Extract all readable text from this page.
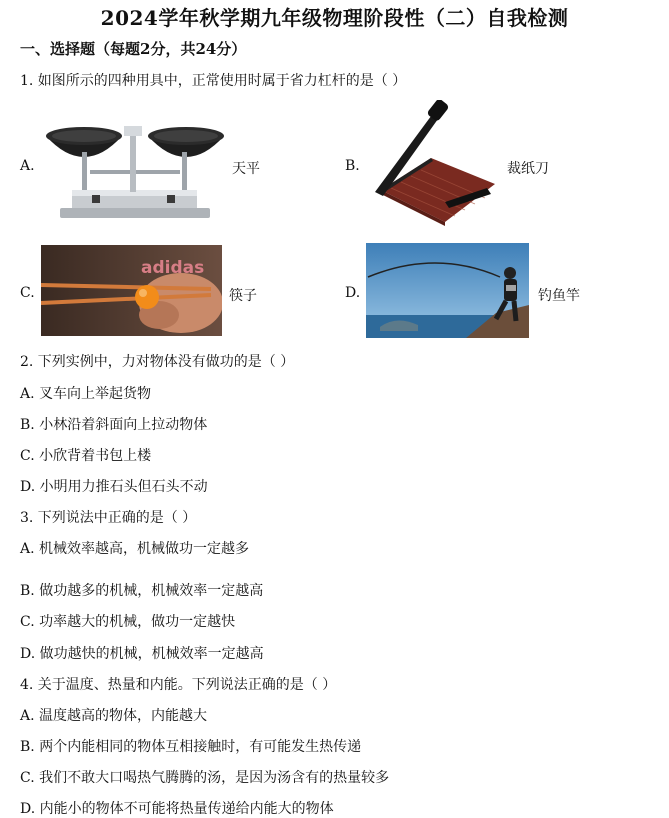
2024学年秋学期九年级物理阶段性（二）自我检测
一、选择题（每题2分，共24分）
1. 如图所示的四种用具中，正常使用时属于省力杠杆的是（ ）
A.	天平	B.	裁纸刀
C.
adidas
筷子	D.	钓鱼竿
2. 下列实例中，力对物体没有做功的是（ ）
A. 叉车向上举起货物
B. 小林沿着斜面向上拉动物体
C. 小欣背着书包上楼
D. 小明用力推石头但石头不动
3. 下列说法中正确的是（ ）
A. 机械效率越高，机械做功一定越多
B. 做功越多的机械，机械效率一定越高
C. 功率越大的机械，做功一定越快
D. 做功越快的机械，机械效率一定越高
4. 关于温度、热量和内能。下列说法正确的是（ ）
A. 温度越高的物体，内能越大
B. 两个内能相同的物体互相接触时，有可能发生热传递
C. 我们不敢大口喝热气腾腾的汤，是因为汤含有的热量较多
D. 内能小的物体不可能将热量传递给内能大的物体
